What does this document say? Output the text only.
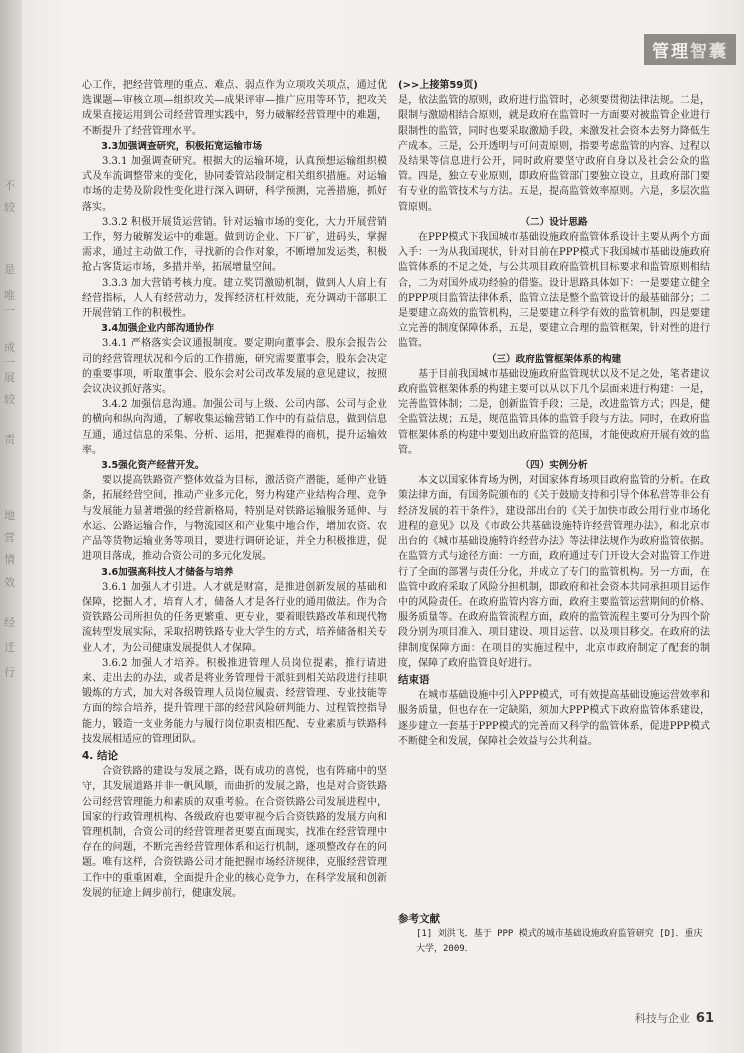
不
较
是
唯一
成一
展
较
责
地
营
情
效
经
迁
行
管理智囊

心工作，把经营管理的重点、难点、弱点作为立项攻关项点，通过优选课题—审核立项—组织攻关—成果评审—推广应用等环节，把攻关成果直接运用到公司经营管理实践中，努力破解经营管理中的难题，不断提升了经营管理水平。

3.3加强调查研究，积极拓宽运输市场

3.3.1 加强调查研究。根据大的运输环境，认真预想运输组织模式及车流调整带来的变化，协同委管站段制定相关组织措施。对运输市场的走势及阶段性变化进行深入调研，科学预测，完善措施，抓好落实。

3.3.2 积极开展货运营销。针对运输市场的变化，大力开展营销工作，努力破解发运中的难题。做到访企业、下厂矿，进码头，掌握需求，通过主动做工作，寻找新的合作对象，不断增加发运类，积极抢占客货运市场，多措并举，拓展增量空间。

3.3.3 加大营销考核力度。建立奖罚激励机制，做到人人肩上有经营指标，人人有经营动力，发挥经济杠杆效能，充分调动干部职工开展营销工作的积极性。

3.4加强企业内部沟通协作

3.4.1 严格落实会议通报制度。要定期向董事会、股东会报告公司的经营管理状况和今后的工作措施，研究需要董事会，股东会决定的重要事项，听取董事会、股东会对公司改革发展的意见建议，按照会议决议抓好落实。

3.4.2 加强信息沟通。加强公司与上级、公司内部、公司与企业的横向和纵向沟通，了解收集运输营销工作中的有益信息，做到信息互通，通过信息的采集、分析、运用，把握难得的商机，提升运输效率。

3.5强化资产经营开发。

要以提高铁路资产整体效益为目标，激活资产潜能，延伸产业链条，拓展经营空间，推动产业多元化，努力构建产业结构合理、竞争与发展能力显著增强的经营新格局，特别是对铁路运输服务延伸、与水运、公路运输合作，与物流园区和产业集中地合作，增加农资、农产品等货物运输业务等项目，要进行调研论证，并全力积极推进，促进项目落成，推动合资公司的多元化发展。

3.6加强高科技人才储备与培养

3.6.1 加强人才引进。人才就是财富，是推进创新发展的基础和保障，挖掘人才，培育人才，储备人才是各行业的通用做法。作为合资铁路公司所担负的任务更繁重、更专业，要着眼铁路改革和现代物流转型发展实际，采取招聘铁路专业大学生的方式，培养储备相关专业人才，为公司健康发展提供人才保障。

3.6.2 加强人才培养。积极推进管理人员岗位提素，推行请进来、走出去的办法，或者是将业务管理骨干派驻到相关站段进行挂职锻炼的方式，加大对各级管理人员岗位履责、经营管理、专业技能等方面的综合培养，提升管理干部的经营风险研判能力、过程管控指导能力，锻造一支业务能力与履行岗位职责相匹配、专业素质与铁路科技发展相适应的管理团队。

4. 结论

合资铁路的建设与发展之路，既有成功的喜悦，也有阵痛中的坚守，其发展道路并非一帆风顺，而曲折的发展之路，也是对合资铁路公司经营管理能力和素质的双重考验。在合资铁路公司发展进程中，国家的行政管理机构、各级政府也要审视今后合资铁路的发展方向和管理机制，合资公司的经营管理者更要直面现实，找准在经营管理中存在的问题，不断完善经营管理体系和运行机制，逐项整改存在的问题。唯有这样，合资铁路公司才能把握市场经济规律，克服经营管理工作中的重重困难，全面提升企业的核心竞争力，在科学发展和创新发展的征途上阔步前行，健康发展。

(>>上接第59页)

是，依法监管的原则，政府进行监管时，必须要贯彻法律法规。二是，限制与激励相结合原则，就是政府在监管时一方面要对被监管企业进行限制性的监管，同时也要采取激励手段，来激发社会资本去努力降低生产成本。三是，公开透明与可问责原则，指要考虑监管的内容、过程以及结果等信息进行公开，同时政府要坚守政府自身以及社会公众的监管。四是，独立专业原则，即政府监管部门要独立设立，且政府部门要有专业的监管技术与方法。五是，提高监管效率原则。六是，多层次监管原则。

（二）设计思路

在PPP模式下我国城市基础设施政府监管体系设计主要从两个方面入手：一为从我国现状，针对目前在PPP模式下我国城市基础设施政府监管体系的不足之处，与公共项目政府监管机目标要求和监管原则相结合，二为对国外成功经验的借鉴。设计思路具体如下：一是要建立健全的PPP项目监管法律体系，监管立法是整个监管设计的最基础部分；二是要建立高效的监管机构，三是要建立科学有效的监管机制，四是要建立完善的制度保障体系，五是，要建立合理的监管框架，针对性的进行监管。

（三）政府监管框架体系的构建

基于目前我国城市基础设施政府监管现状以及不足之处，笔者建议政府监管框架体系的构建主要可以从以下几个层面来进行构建：一是，完善监管体制；二是，创新监管手段；三是，改进监管方式；四是，健全监管法规；五是，规范监管具体的监管手段与方法。同时，在政府监管框架体系的构建中要划出政府监管的范围，才能使政府开展有效的监管。

（四）实例分析

本文以国家体育场为例，对国家体育场项目政府监管的分析。在政策法律方面，有国务院颁布的《关于鼓励支持和引导个体私营等非公有经济发展的若干条件》，建设部出台的《关于加快市政公用行业市场化进程的意见》以及《市政公共基础设施特许经营管理办法》，和北京市出台的《城市基础设施特许经营办法》等法律法规作为政府监管依据。在监管方式与途径方面：一方面，政府通过专门开设大会对监管工作进行了全面的部署与责任分化，并成立了专门的监管机构。另一方面，在监管中政府采取了风险分担机制，即政府和社会资本共同承担项目运作中的风险责任。在政府监管内容方面，政府主要监管运营期间的价格、服务质量等。在政府监管流程方面，政府的监管流程主要可分为四个阶段分别为项目准入、项目建设、项目运营、以及项目移交。在政府的法律制度保障方面：在项目的实施过程中，北京市政府制定了配套的制度，保障了政府监管良好进行。

结束语

在城市基础设施中引入PPP模式，可有效提高基础设施运营效率和服务质量，但也存在一定缺陷，须加大PPP模式下政府监管体系建设，逐步建立一套基于PPP模式的完善而又科学的监管体系，促进PPP模式不断健全和发展，保障社会效益与公共利益。

参考文献
[1] 刘洪飞．基于 PPP 模式的城市基础设施政府监管研究 [D]．重庆大学，2009．
科技与企业 61
